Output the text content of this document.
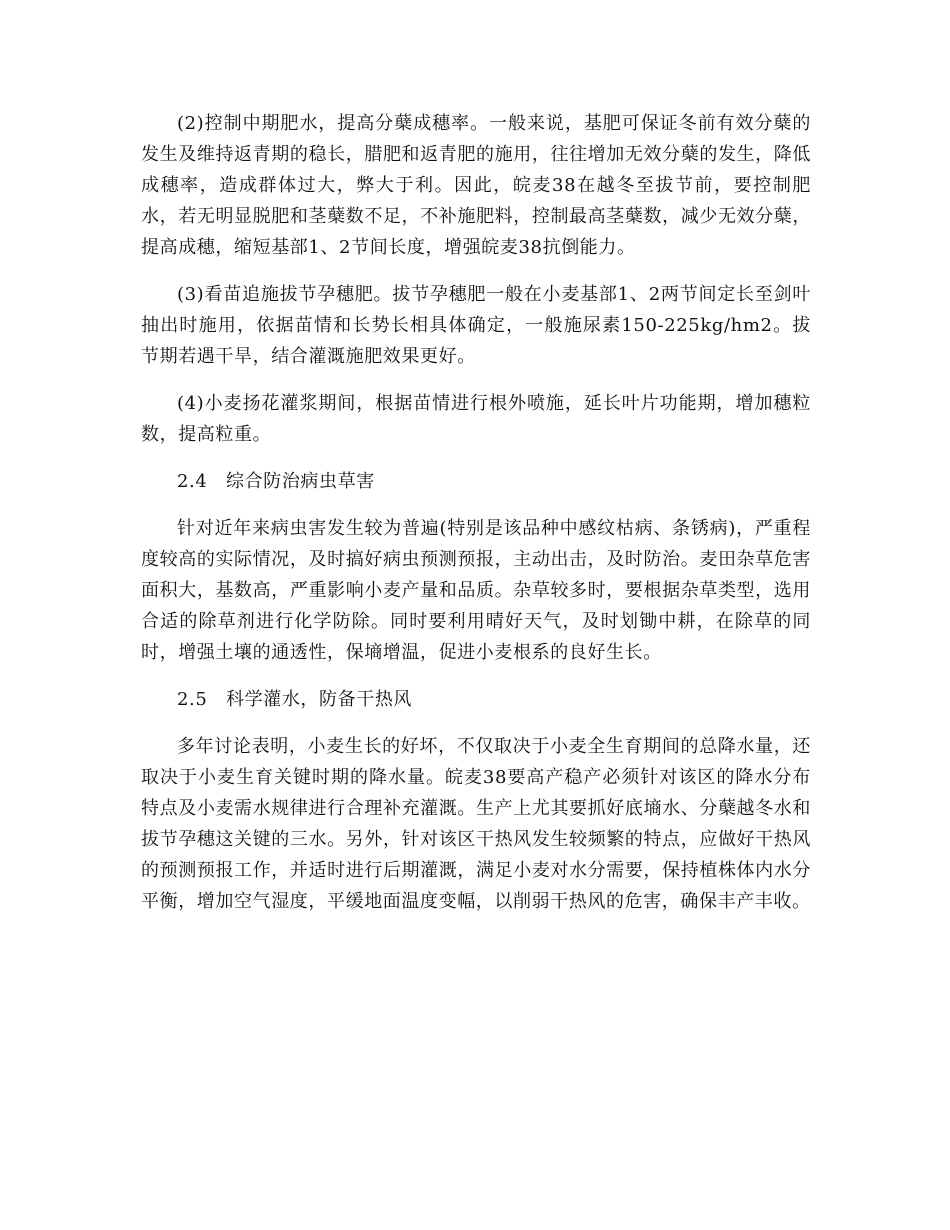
(2)控制中期肥水，提高分蘖成穗率。一般来说，基肥可保证冬前有效分蘖的发生及维持返青期的稳长，腊肥和返青肥的施用，往往增加无效分蘖的发生，降低成穗率，造成群体过大，弊大于利。因此，皖麦38在越冬至拔节前，要控制肥水，若无明显脱肥和茎蘖数不足，不补施肥料，控制最高茎蘖数，减少无效分蘖，提高成穗，缩短基部1、2节间长度，增强皖麦38抗倒能力。

(3)看苗追施拔节孕穗肥。拔节孕穗肥一般在小麦基部1、2两节间定长至剑叶抽出时施用，依据苗情和长势长相具体确定，一般施尿素150-225kg/hm2。拔节期若遇干旱，结合灌溉施肥效果更好。

(4)小麦扬花灌浆期间，根据苗情进行根外喷施，延长叶片功能期，增加穗粒数，提高粒重。

2.4　综合防治病虫草害

针对近年来病虫害发生较为普遍(特别是该品种中感纹枯病、条锈病)，严重程度较高的实际情况，及时搞好病虫预测预报，主动出击，及时防治。麦田杂草危害面积大，基数高，严重影响小麦产量和品质。杂草较多时，要根据杂草类型，选用合适的除草剂进行化学防除。同时要利用晴好天气，及时划锄中耕，在除草的同时，增强土壤的通透性，保墒增温，促进小麦根系的良好生长。

2.5　科学灌水，防备干热风

多年讨论表明，小麦生长的好坏，不仅取决于小麦全生育期间的总降水量，还取决于小麦生育关键时期的降水量。皖麦38要高产稳产必须针对该区的降水分布特点及小麦需水规律进行合理补充灌溉。生产上尤其要抓好底墒水、分蘖越冬水和拔节孕穗这关键的三水。另外，针对该区干热风发生较频繁的特点，应做好干热风的预测预报工作，并适时进行后期灌溉，满足小麦对水分需要，保持植株体内水分平衡，增加空气湿度，平缓地面温度变幅，以削弱干热风的危害，确保丰产丰收。
